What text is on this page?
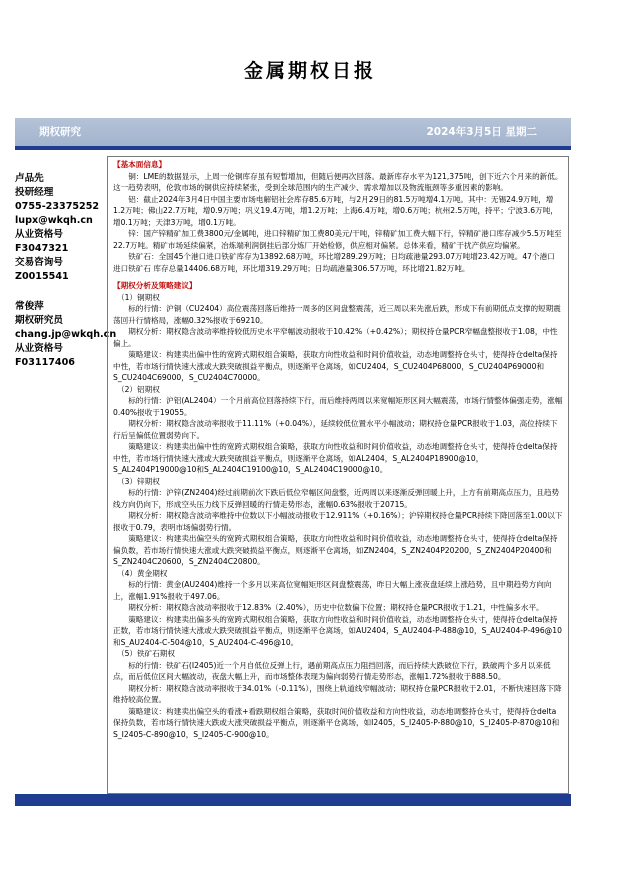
金属期权日报
期权研究	2024年3月5日 星期二
卢品先
投研经理
0755-23375252
lupx@wkqh.cn
从业资格号
F3047321
交易咨询号
Z0015541
常俊萍
期权研究员
chang.jp@wkqh.cn
从业资格号
F03117406

【基本面信息】

铜：LME的数据显示，上周一伦铜库存虽有短暂增加，但随后便再次回落。最新库存水平为121,375吨，创下近六个月来的新低。这一趋势表明，伦敦市场的铜供应持续紧张，受到全球范围内的生产减少、需求增加以及物流瓶颈等多重因素的影响。

铝：截止2024年3月4日中国主要市场电解铝社会库存85.6万吨，与2月29日的81.5万吨增4.1万吨。其中：无锡24.9万吨，增1.2万吨；佛山22.7万吨，增0.9万吨；巩义19.4万吨，增1.2万吨；上海6.4万吨，增0.6万吨；杭州2.5万吨，持平；宁波3.6万吨，增0.1万吨；天津3万吨，增0.1万吨。

锌：国产锌精矿加工费3800元/金属吨，进口锌精矿加工费80美元/干吨，锌精矿加工费大幅下行，锌精矿港口库存减少5.5万吨至22.7万吨。精矿市场延续偏紧，冶炼端利润倒挂后部分炼厂开始检修，供应相对偏紧。总体来看，精矿干扰产供应均偏紧。

铁矿石：全国45个港口进口铁矿库存为13892.68万吨，环比增289.29万吨；日均疏港量293.07万吨增23.42万吨。47个港口 进口铁矿石 库存总量14406.68万吨，环比增319.29万吨；日均疏港量306.57万吨，环比增21.82万吨。

【期权分析及策略建议】

（1）铜期权

标的行情：沪铜（CU2404）高位震荡回落后维持一周多的区间盘整震荡，近三周以来先涨后跌，形成下有前期低点支撑的短期震荡回升行情格局，涨幅0.32%报收于69210。

期权分析：期权隐含波动率维持较低历史水平窄幅波动报收于10.42%（+0.42%）；期权持仓量PCR窄幅盘整报收于1.08，中性偏上。

策略建议：构建卖出偏中性的宽跨式期权组合策略，获取方向性收益和时间价值收益，动态地调整持仓头寸，使得持仓delta保持中性，若市场行情快速大涨或大跌突破损益平衡点，则逐渐平仓离场，如CU2404，S_CU2404P68000，S_CU2404P69000和S_CU2404C69000，S_CU2404C70000。

（2）铝期权

标的行情：沪铝(AL2404）一个月前高位回落持续下行，而后维持两周以来宽幅矩形区间大幅震荡，市场行情整体偏强走势，涨幅0.40%报收于19055。

期权分析：期权隐含波动率报收于11.11%（+0.04%），延续较低位置水平小幅波动；期权持仓量PCR报收于1.03，高位持续下行后呈偏低位置弱势向下。

策略建议：构建卖出偏中性的宽跨式期权组合策略，获取方向性收益和时间价值收益，动态地调整持仓头寸，使得持仓delta保持中性，若市场行情快速大涨或大跌突破损益平衡点，则逐渐平仓离场，如AL2404，S_AL2404P18900@10，S_AL2404P19000@10和S_AL2404C19100@10，S_AL2404C19000@10。

（3）锌期权

标的行情：沪锌(ZN2404)经过前期前次下跌后低位窄幅区间盘整，近两周以来逐渐反弹回暖上升，上方有前期高点压力，且趋势线方向仍向下，形成空头压力线下反弹回暖的行情走势形态，涨幅0.63%报收于20715。

期权分析：期权隐含波动率维持中位数以下小幅波动报收于12.911%（+0.16%）；沪锌期权持仓量PCR持续下降回落至1.00以下报收于0.79，表明市场偏弱势行情。

策略建议：构建卖出偏空头的宽跨式期权组合策略，获取方向性收益和时间价值收益，动态地调整持仓头寸，使得持仓delta保持偏负数，若市场行情快速大涨或大跌突破损益平衡点，则逐渐平仓离场，如ZN2404，S_ZN2404P20200，S_ZN2404P20400和S_ZN2404C20600，S_ZN2404C20800。

（4）黄金期权

标的行情：黄金(AU2404)维持一个多月以来高位宽幅矩形区间盘整震荡，昨日大幅上涨夜盘延续上涨趋势，且中期趋势方向向上，涨幅1.91%报收于497.06。

期权分析：期权隐含波动率报收于12.83%（2.40%），历史中位数偏下位置；期权持仓量PCR报收于1.21，中性偏多水平。

策略建议：构建卖出偏多头的宽跨式期权组合策略，获取方向性收益和时间价值收益，动态地调整持仓头寸，使得持仓delta保持正数，若市场行情快速大涨或大跌突破损益平衡点，则逐渐平仓离场，如AU2404，S_AU2404-P-488@10，S_AU2404-P-496@10和S_AU2404-C-504@10，S_AU2404-C-496@10。

（5）铁矿石期权

标的行情：铁矿石(I2405)近一个月自低位反弹上行，遇前期高点压力阻挡回落，而后持续大跌破位下行，跌破两个多月以来低点，而后低位区间大幅波动，夜盘大幅上升，而市场整体表现为偏向弱势行情走势形态，涨幅1.72%报收于888.50。

期权分析：期权隐含波动率报收于34.01%（-0.11%），围绕上轨道线窄幅波动；期权持仓量PCR报收于2.01，不断快速回落下降维持较高位置。

策略建议：构建卖出偏空头的看涨+看跌期权组合策略，获取时间价值收益和方向性收益，动态地调整持仓头寸，使得持仓delta保持负数，若市场行情快速大跌或大涨突破损益平衡点，则逐渐平仓离场，如I2405，S_I2405-P-880@10，S_I2405-P-870@10和S_I2405-C-890@10，S_I2405-C-900@10。
